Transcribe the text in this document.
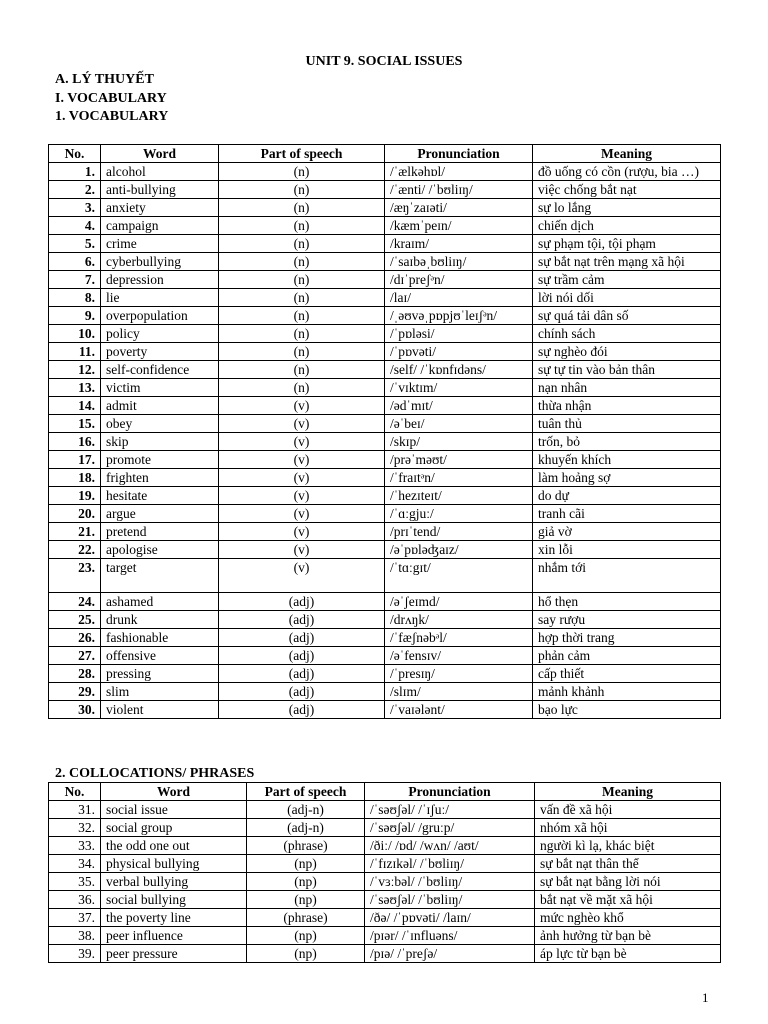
UNIT 9. SOCIAL ISSUES
A. LÝ THUYẾT
I. VOCABULARY
1. VOCABULARY
No.	Word	Part of speech	Pronunciation	Meaning
1.	alcohol	(n)	/ˈælkəhɒl/	đồ uống có cồn (rượu, bia …)
2.	anti-bullying	(n)	/ˈænti/ /ˈbʊliɪŋ/	việc chống bắt nạt
3.	anxiety	(n)	/æŋˈzaɪəti/	sự lo lắng
4.	campaign	(n)	/kæmˈpeɪn/	chiến dịch
5.	crime	(n)	/kraɪm/	sự phạm tội, tội phạm
6.	cyberbullying	(n)	/ˈsaɪbəˌbʊliɪŋ/	sự bắt nạt trên mạng xã hội
7.	depression	(n)	/dɪˈpreʃᵊn/	sự trầm cảm
8.	lie	(n)	/laɪ/	lời nói dối
9.	overpopulation	(n)	/ˌəʊvəˌpɒpjʊˈleɪʃᵊn/	sự quá tải dân số
10.	policy	(n)	/ˈpɒləsi/	chính sách
11.	poverty	(n)	/ˈpɒvəti/	sự nghèo đói
12.	self-confidence	(n)	/self/ /ˈkɒnfɪdəns/	sự tự tin vào bản thân
13.	victim	(n)	/ˈvɪktɪm/	nạn nhân
14.	admit	(v)	/ədˈmɪt/	thừa nhận
15.	obey	(v)	/əˈbeɪ/	tuân thủ
16.	skip	(v)	/skɪp/	trốn, bỏ
17.	promote	(v)	/prəˈməʊt/	khuyến khích
18.	frighten	(v)	/ˈfraɪtᵊn/	làm hoảng sợ
19.	hesitate	(v)	/ˈhezɪteɪt/	do dự
20.	argue	(v)	/ˈɑːgjuː/	tranh cãi
21.	pretend	(v)	/prɪˈtend/	giả vờ
22.	apologise	(v)	/əˈpɒləʤaɪz/	xin lỗi
23.	target	(v)	/ˈtɑːgɪt/	nhắm tới
24.	ashamed	(adj)	/əˈʃeɪmd/	hổ thẹn
25.	drunk	(adj)	/drʌŋk/	say rượu
26.	fashionable	(adj)	/ˈfæʃnəbᵊl/	hợp thời trang
27.	offensive	(adj)	/əˈfensɪv/	phản cảm
28.	pressing	(adj)	/ˈpresɪŋ/	cấp thiết
29.	slim	(adj)	/slɪm/	mảnh khảnh
30.	violent	(adj)	/ˈvaɪələnt/	bạo lực
2. COLLOCATIONS/ PHRASES
No.	Word	Part of speech	Pronunciation	Meaning
31.	social issue	(adj-n)	/ˈsəʊʃəl/ /ˈɪʃuː/	vấn đề xã hội
32.	social group	(adj-n)	/ˈsəʊʃəl/ /gruːp/	nhóm xã hội
33.	the odd one out	(phrase)	/ðiː/ /ɒd/ /wʌn/ /aʊt/	người kì lạ, khác biệt
34.	physical bullying	(np)	/ˈfɪzɪkəl/ /ˈbʊliɪŋ/	sự bắt nạt thân thể
35.	verbal bullying	(np)	/ˈvɜːbəl/ /ˈbʊliɪŋ/	sự bắt nạt bằng lời nói
36.	social bullying	(np)	/ˈsəʊʃəl/ /ˈbʊliɪŋ/	bắt nạt về mặt xã hội
37.	the poverty line	(phrase)	/ðə/ /ˈpɒvəti/ /laɪn/	mức nghèo khổ
38.	peer influence	(np)	/pɪər/ /ˈɪnfluəns/	ảnh hưởng từ bạn bè
39.	peer pressure	(np)	/pɪə/ /ˈpreʃə/	áp lực từ bạn bè
1
